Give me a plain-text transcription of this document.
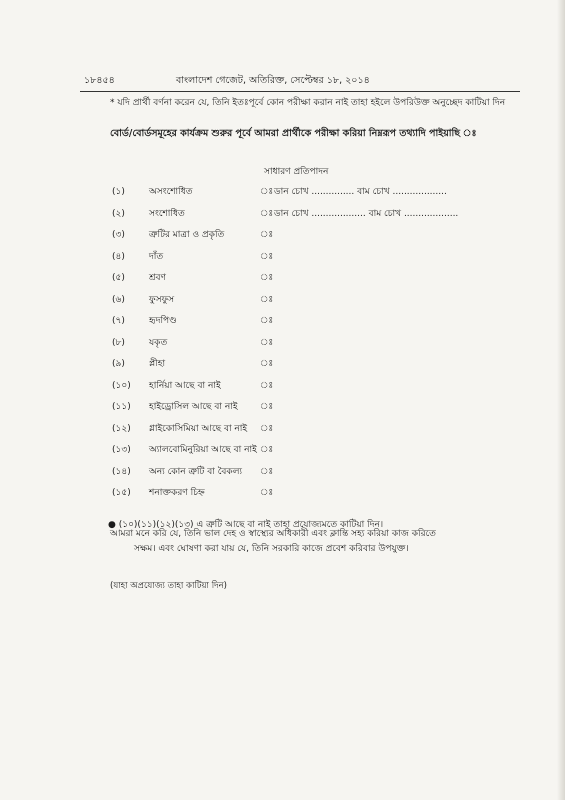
১৮৪৫৪	বাংলাদেশ গেজেট, অতিরিক্ত, সেপ্টেম্বর ১৮, ২০১৪
* যদি প্রার্থী বর্ণনা করেন যে, তিনি ইতঃপূর্বে কোন পরীক্ষা করান নাই তাহা হইলে উপরিউক্ত অনুচ্ছেদ কাটিয়া দিন
বোর্ড/বোর্ডসমূহের কার্যক্রম শুরুর পূর্বে আমরা প্রার্থীকে পরীক্ষা করিয়া নিম্নরূপ তথ্যাদি পাইয়াছি ঃ
সাধারণ প্রতিপাদন
(১)	অসংশোধিত	ঃ ডান চোখ ............... বাম চোখ ...................
(২)	সংশোধিত	ঃ ডান চোখ ................... বাম চোখ ...................
(৩)	ত্রুটির মাত্রা ও প্রকৃতি	ঃ
(৪)	দাঁত	ঃ
(৫)	শ্রবণ	ঃ
(৬)	ফুসফুস	ঃ
(৭)	হৃদপিণ্ড	ঃ
(৮)	যকৃত	ঃ
(৯)	প্লীহা	ঃ
(১০) হার্নিয়া আছে বা নাই	ঃ
(১১) হাইড্রোসিল আছে বা নাই ঃ
(১২) গ্লাইকোসিমিয়া আছে বা নাই ঃ
(১৩) অ্যালবোমিনুরিয়া আছে বা নাই ঃ
(১৪) অন্য কোন ত্রুটি বা বৈকল্য ঃ
(১৫) শনাক্তকরণ চিহ্ন	ঃ
● (১০)(১১)(১২)(১৩) এ ত্রুটি আছে বা নাই তাহা প্রযোজ্যমতে কাটিয়া দিন।
আমরা মনে করি যে, তিনি ভাল দেহ ও স্বাস্থ্যের অধিকারী এবং ক্লান্তি সহ্য করিয়া কাজ করিতে
সক্ষম। এবং ঘোষণা করা যায় যে, তিনি সরকারি কাজে প্রবেশ করিবার উপযুক্ত।
(যাহা অপ্রযোজ্য তাহা কাটিয়া দিন)
